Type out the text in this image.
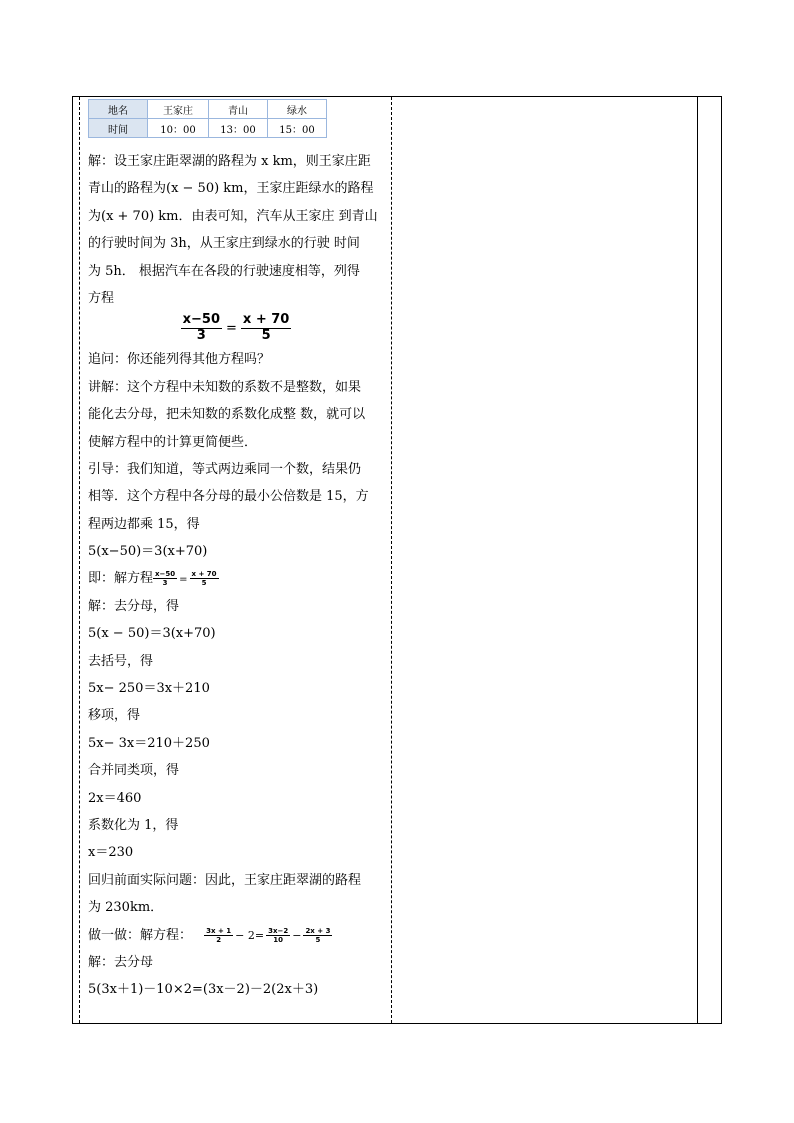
地名	王家庄	青山	绿水
时间	10：00	13：00	15：00
解：设王家庄距翠湖的路程为 x km，则王家庄距
青山的路程为(x − 50) km，王家庄距绿水的路程
为(x + 70) km．由表可知，汽车从王家庄 到青山
的行驶时间为 3h，从王家庄到绿水的行驶 时间
为 5h． 根据汽车在各段的行驶速度相等，列得
方程
$\frac{x-50}{3} = \frac{x + 70}{5}$
追问：你还能列得其他方程吗？
讲解：这个方程中未知数的系数不是整数，如果
能化去分母，把未知数的系数化成整 数，就可以
使解方程中的计算更简便些．
引导：我们知道，等式两边乘同一个数，结果仍
相等．这个方程中各分母的最小公倍数是 15，方
程两边都乘 15，得
5(x−50)＝3(x+70)
即：解方程 $\frac{x-50}{3} = \frac{x + 70}{5}$
解：去分母，得
5(x − 50)＝3(x+70)
去括号，得
5x− 250＝3x＋210
移项，得
5x− 3x＝210＋250
合并同类项，得
2x＝460
系数化为 1，得
x＝230
回归前面实际问题：因此，王家庄距翠湖的路程
为 230km．
做一做：解方程： $\frac{3x + 1}{2} - 2= \frac{3x-2}{10} - \frac{2x + 3}{5}$
解：去分母
5(3x＋1)－10×2=(3x－2)－2(2x＋3)
